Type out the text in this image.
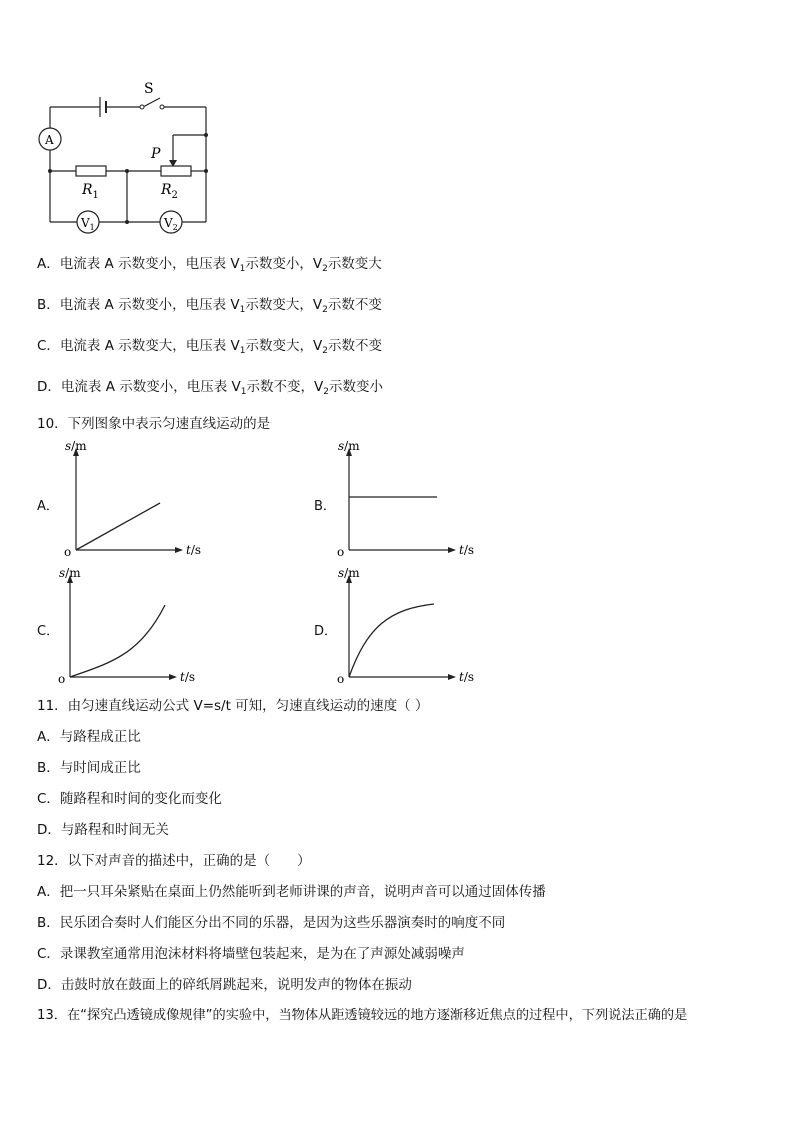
S
P
A
$R_1$	$R_2$
$V_1$	$V_2$
A．电流表 A 示数变小，电压表 $V_1$示数变小，$V_2$示数变大
B．电流表 A 示数变小，电压表 $V_1$示数变大，$V_2$示数不变
C．电流表 A 示数变大，电压表 $V_1$示数变大，$V_2$示数不变
D．电流表 A 示数变小，电压表 $V_1$示数不变，$V_2$示数变小
10．下列图象中表示匀速直线运动的是
A．	B．
C．	D．
o
s/m
t/s	o
s/m
t/s
o
s/m
t/s	o
s/m
t/s
11．由匀速直线运动公式 V=s/t 可知，匀速直线运动的速度（ ）
A．与路程成正比
B．与时间成正比
C．随路程和时间的变化而变化
D．与路程和时间无关
12．以下对声音的描述中，正确的是（　　）
A．把一只耳朵紧贴在桌面上仍然能听到老师讲课的声音，说明声音可以通过固体传播
B．民乐团合奏时人们能区分出不同的乐器，是因为这些乐器演奏时的响度不同
C．录课教室通常用泡沫材料将墙壁包装起来，是为在了声源处减弱噪声
D．击鼓时放在鼓面上的碎纸屑跳起来，说明发声的物体在振动
13．在“探究凸透镜成像规律”的实验中，当物体从距透镜较远的地方逐渐移近焦点的过程中，下列说法正确的是
